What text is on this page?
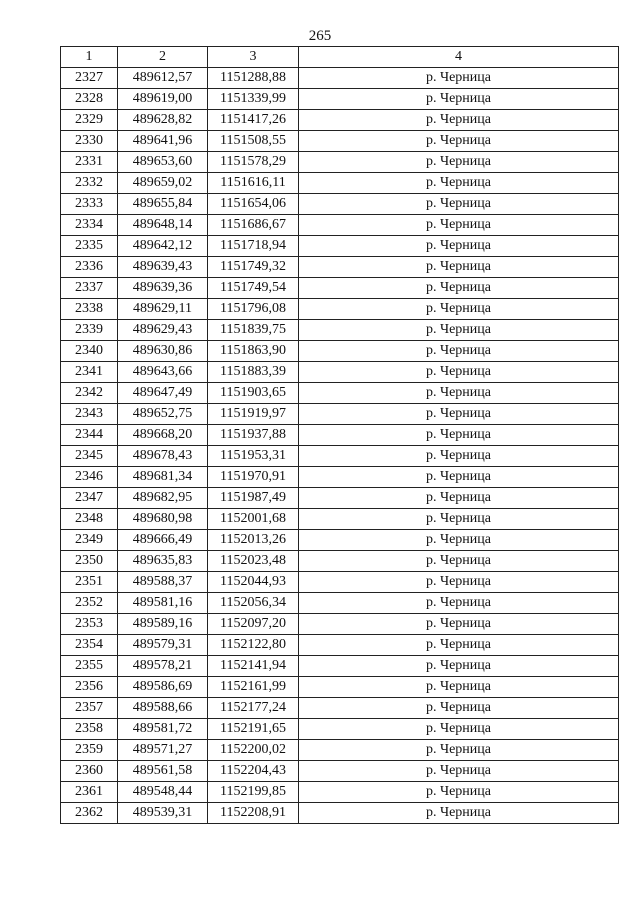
265
1	2	3	4
2327	489612,57	1151288,88	р. Черница
2328	489619,00	1151339,99	р. Черница
2329	489628,82	1151417,26	р. Черница
2330	489641,96	1151508,55	р. Черница
2331	489653,60	1151578,29	р. Черница
2332	489659,02	1151616,11	р. Черница
2333	489655,84	1151654,06	р. Черница
2334	489648,14	1151686,67	р. Черница
2335	489642,12	1151718,94	р. Черница
2336	489639,43	1151749,32	р. Черница
2337	489639,36	1151749,54	р. Черница
2338	489629,11	1151796,08	р. Черница
2339	489629,43	1151839,75	р. Черница
2340	489630,86	1151863,90	р. Черница
2341	489643,66	1151883,39	р. Черница
2342	489647,49	1151903,65	р. Черница
2343	489652,75	1151919,97	р. Черница
2344	489668,20	1151937,88	р. Черница
2345	489678,43	1151953,31	р. Черница
2346	489681,34	1151970,91	р. Черница
2347	489682,95	1151987,49	р. Черница
2348	489680,98	1152001,68	р. Черница
2349	489666,49	1152013,26	р. Черница
2350	489635,83	1152023,48	р. Черница
2351	489588,37	1152044,93	р. Черница
2352	489581,16	1152056,34	р. Черница
2353	489589,16	1152097,20	р. Черница
2354	489579,31	1152122,80	р. Черница
2355	489578,21	1152141,94	р. Черница
2356	489586,69	1152161,99	р. Черница
2357	489588,66	1152177,24	р. Черница
2358	489581,72	1152191,65	р. Черница
2359	489571,27	1152200,02	р. Черница
2360	489561,58	1152204,43	р. Черница
2361	489548,44	1152199,85	р. Черница
2362	489539,31	1152208,91	р. Черница
